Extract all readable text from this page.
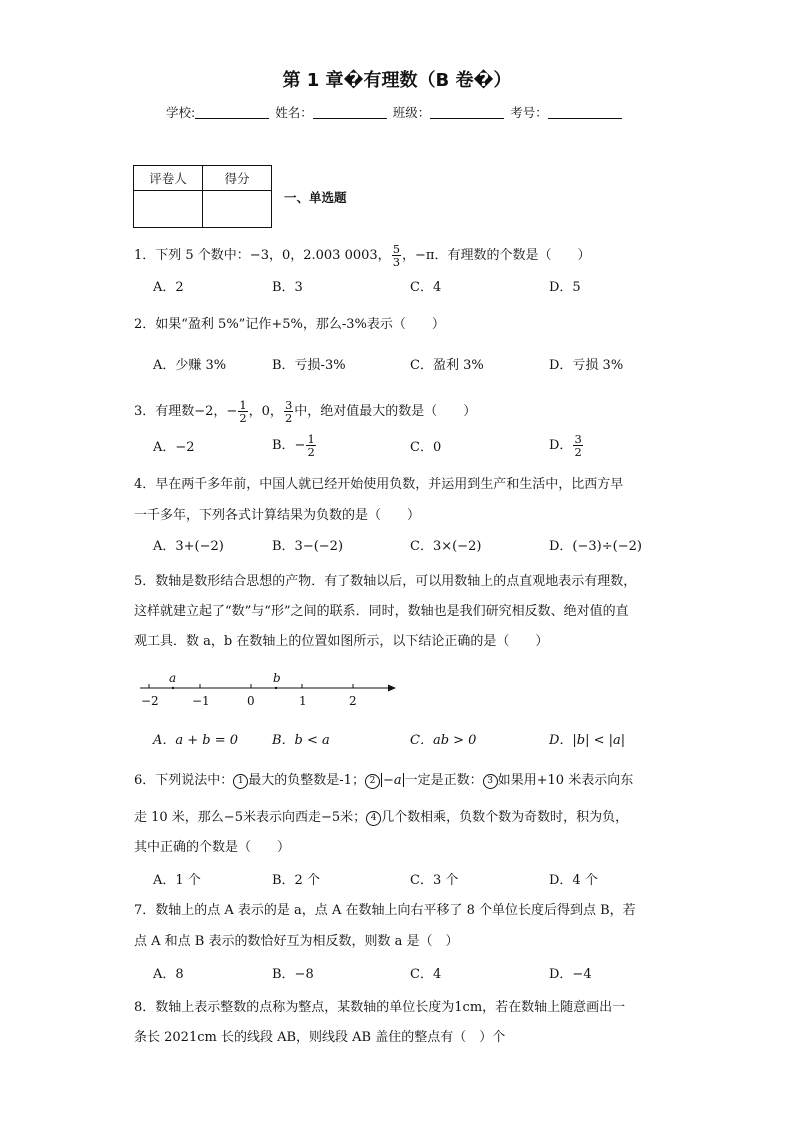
第 1 章�有理数（B 卷�）
学校:	姓名：	班级：	考号：
评卷人	得分

一、单选题
1．下列 5 个数中：−3，0，2.003 0003， $\frac{5}{3}$ ，−π．有理数的个数是（　　）
A．2	B．3	C．4	D．5
2．如果“盈利 5%”记作+5%，那么-3%表示（　　）
A．少赚 3%	B．亏损-3%	C．盈利 3%	D．亏损 3%
3．有理数−2，− $\frac{1}{2}$ ，0， $\frac{3}{2}$ 中，绝对值最大的数是（　　）
A．−2	B．− $\frac{1}{2}$	C．0	D． $\frac{3}{2}$
4．早在两千多年前，中国人就已经开始使用负数，并运用到生产和生活中，比西方早
一千多年，下列各式计算结果为负数的是（　　）
A．3+(−2)	B．3−(−2)	C．3×(−2)	D．(−3)÷(−2)
5．数轴是数形结合思想的产物．有了数轴以后，可以用数轴上的点直观地表示有理数，
这样就建立起了“数”与“形”之间的联系．同时，数轴也是我们研究相反数、绝对值的直
观工具．数 a，b 在数轴上的位置如图所示，以下结论正确的是（　　）
a	b
−2	−1	0	1	2
A．a + b = 0	B．b < a	C．ab > 0	D．|b| < |a|
6．下列说法中： 1 最大的负整数是-1； 2 −a 一定是正数： 3 如果用+10 米表示向东
走 10 米，那么−5米表示向西走−5米； 4 几个数相乘，负数个数为奇数时，积为负，
其中正确的个数是（　　）
A．1 个	B．2 个	C．3 个	D．4 个
7．数轴上的点 A 表示的是 a，点 A 在数轴上向右平移了 8 个单位长度后得到点 B，若
点 A 和点 B 表示的数恰好互为相反数，则数 a 是（　）
A．8	B．−8	C．4	D．−4
8．数轴上表示整数的点称为整点，某数轴的单位长度为1cm，若在数轴上随意画出一
条长 2021cm 长的线段 AB，则线段 AB 盖住的整点有（　）个
